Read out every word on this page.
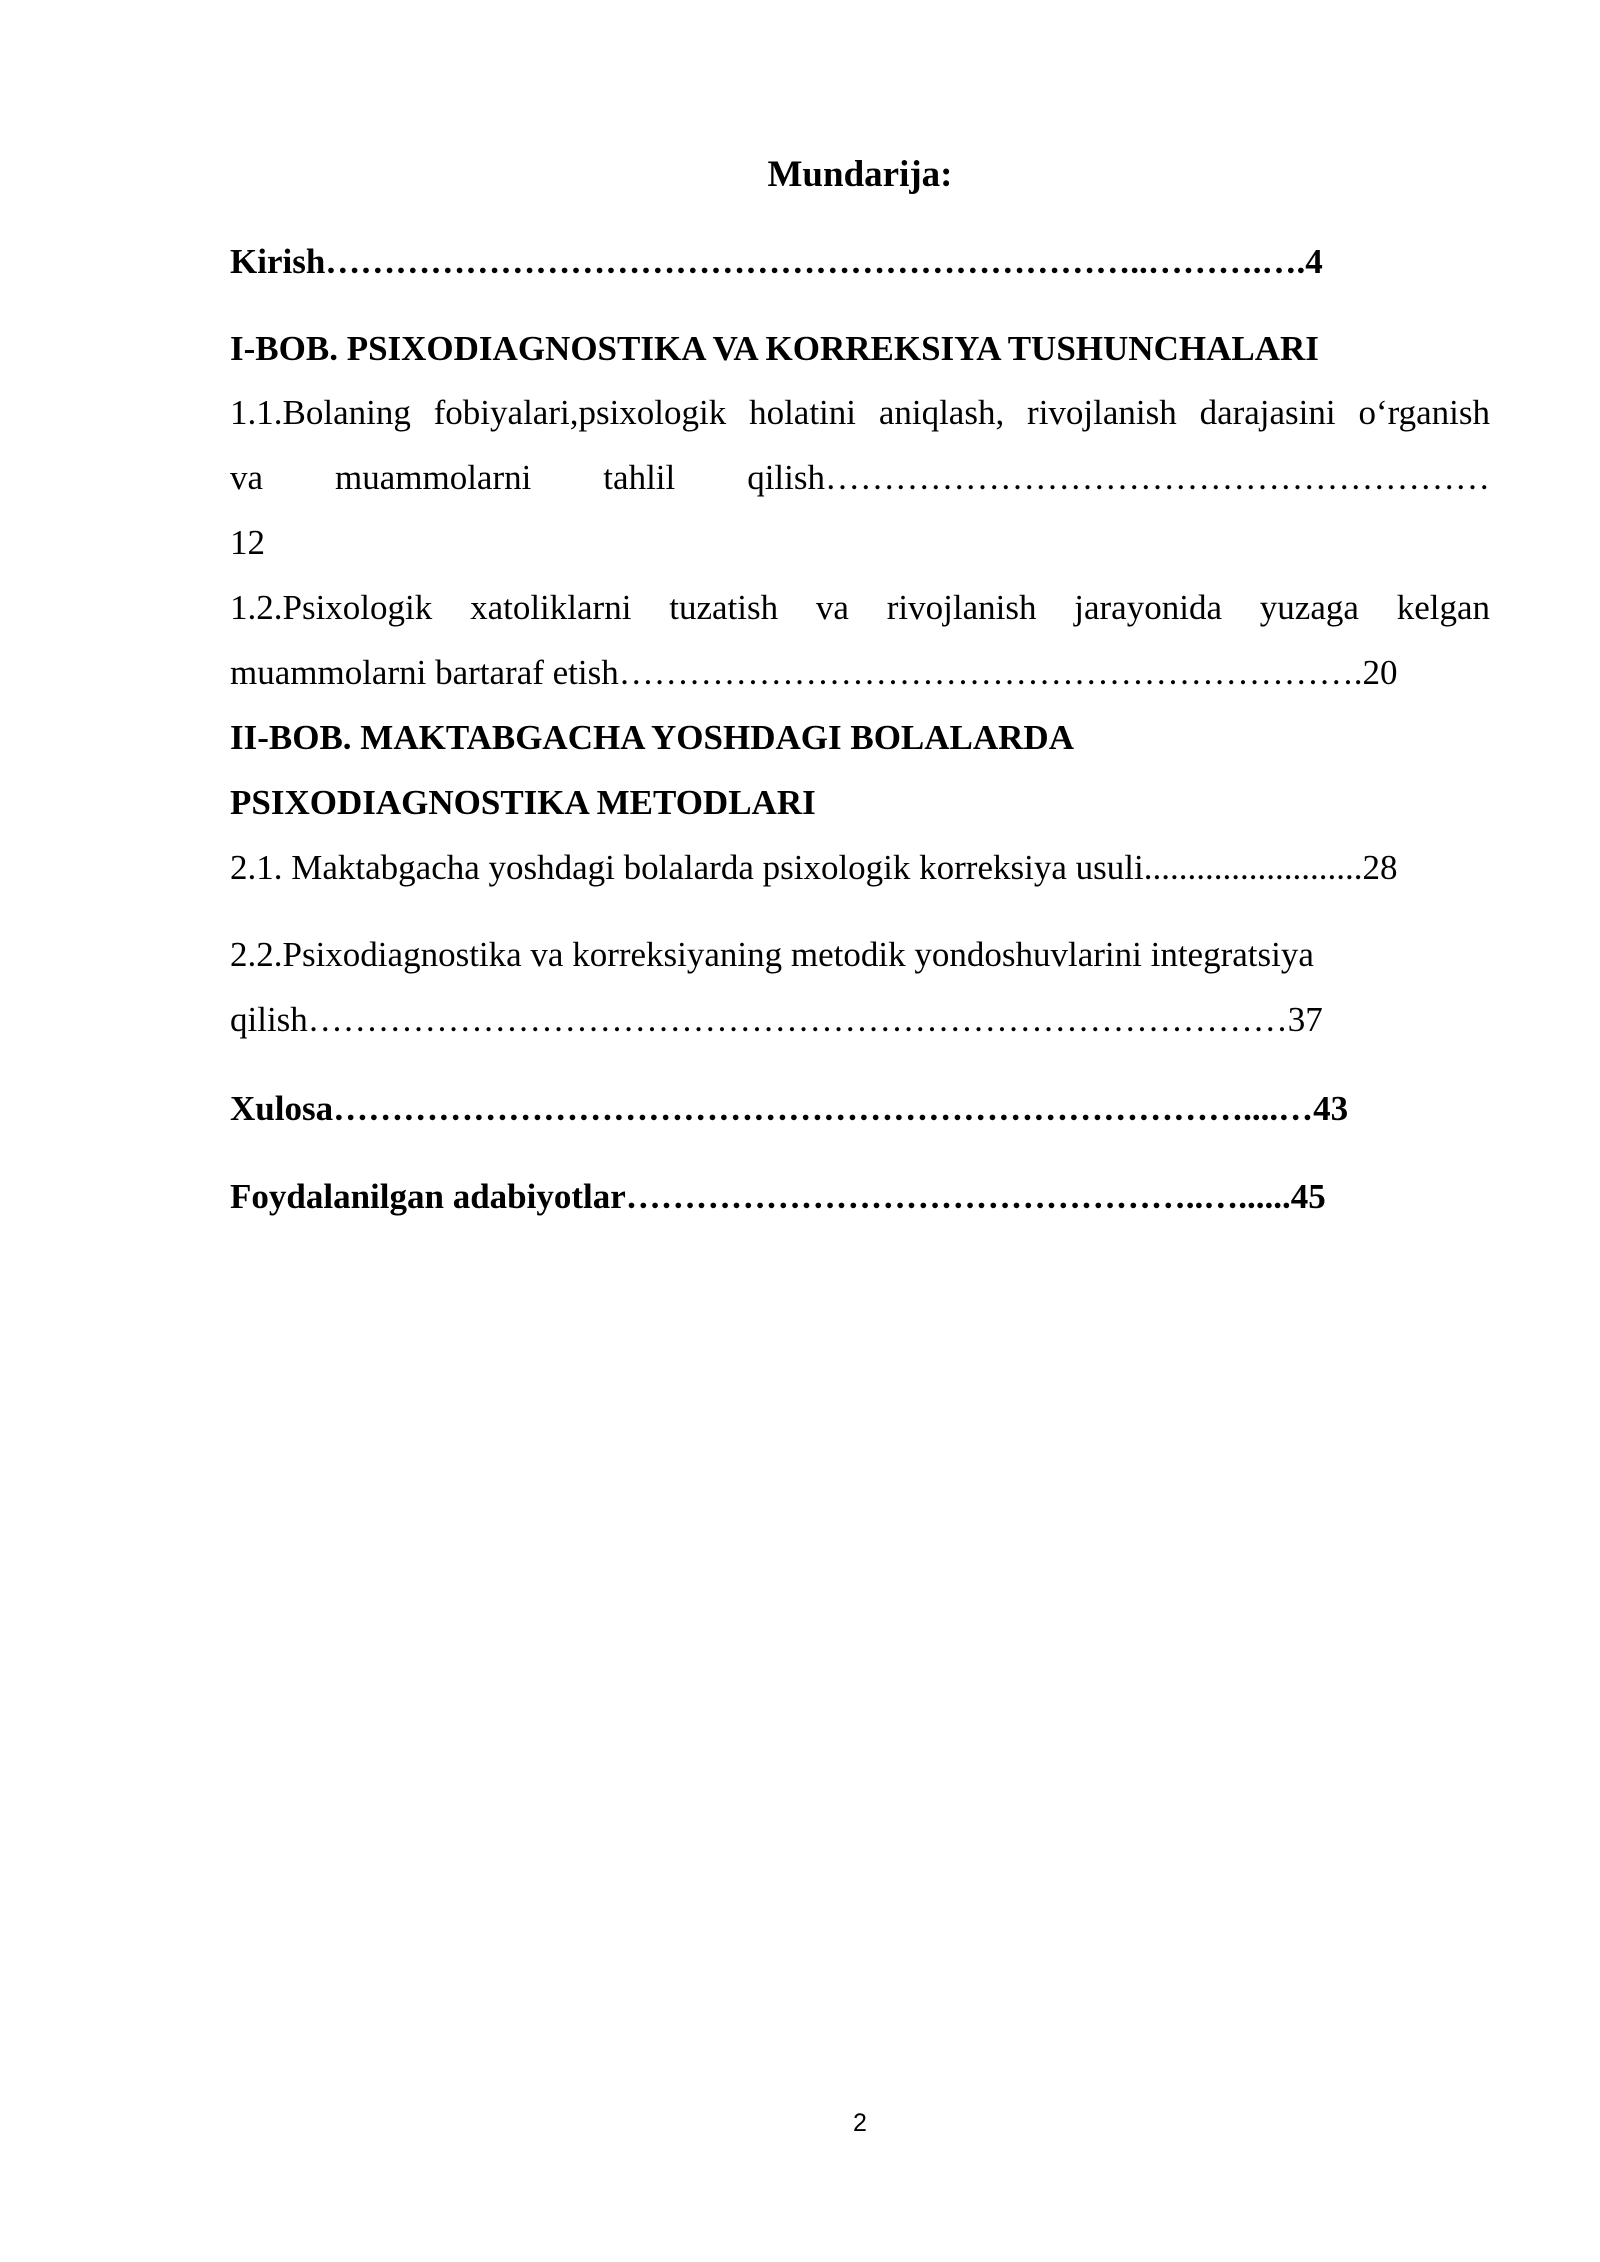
Mundarija:
Kirish……………………………………………………………..……….….4
I-BOB. PSIXODIAGNOSTIKA VA KORREKSIYA TUSHUNCHALARI
1.1.Bolaning fobiyalari,psixologik holatini aniqlash, rivojlanish darajasini o‘rganish
va muammolarni tahlil qilish…………………………………………………
12
1.2.Psixologik xatoliklarni tuzatish va rivojlanish jarayonida yuzaga kelgan
muammolarni bartaraf etish……………………………………………………….20
II-BOB. MAKTABGACHA YOSHDAGI BOLALARDA
PSIXODIAGNOSTIKA METODLARI
2.1. Maktabgacha yoshdagi bolalarda psixologik korreksiya usuli.........................28
2.2.Psixodiagnostika va korreksiyaning metodik yondoshuvlarini integratsiya
qilish…………………………………………………………………………37
Xulosa……………………………………………………………………....…43
Foydalanilgan adabiyotlar…………………………………………..…......45
2
